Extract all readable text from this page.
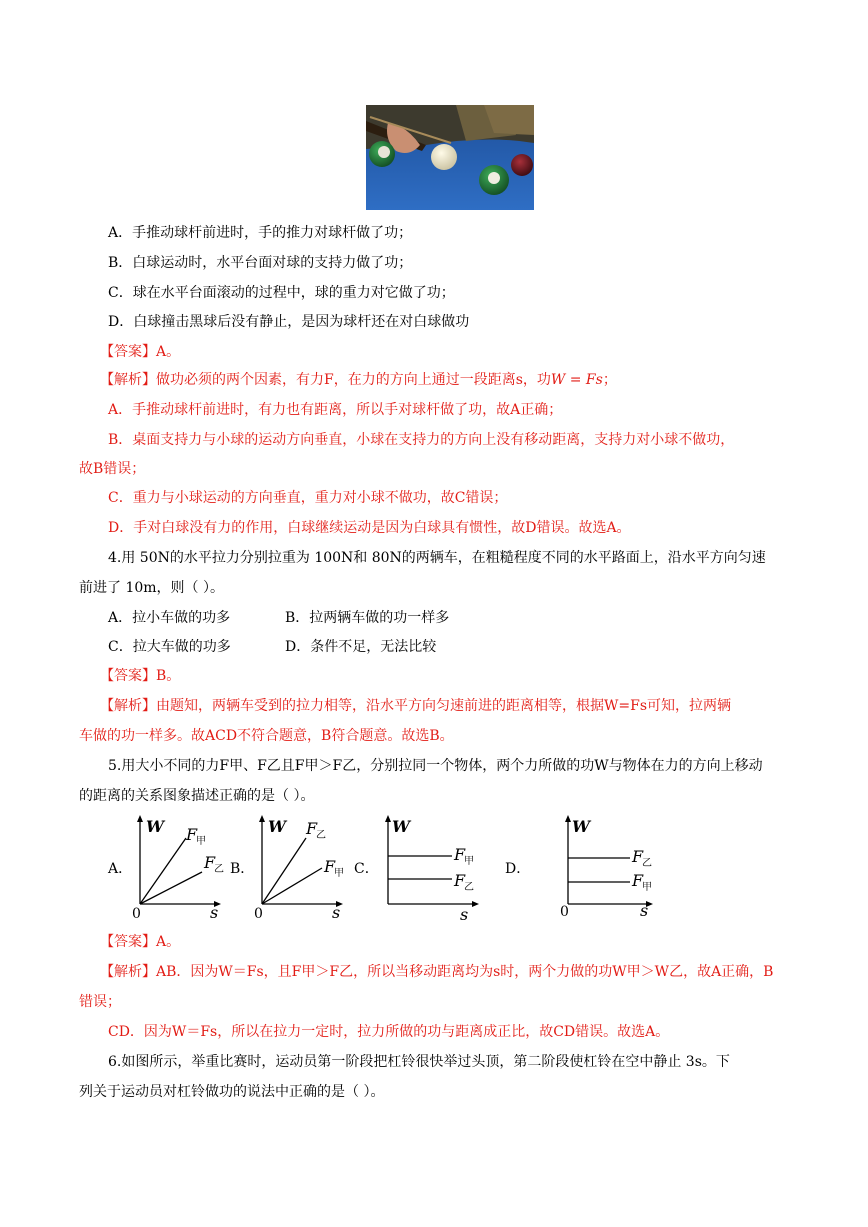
A．手推动球杆前进时，手的推力对球杆做了功；
B．白球运动时，水平台面对球的支持力做了功；
C．球在水平台面滚动的过程中，球的重力对它做了功；
D．白球撞击黑球后没有静止，是因为球杆还在对白球做功
【答案】A。
【解析】做功必须的两个因素，有力F，在力的方向上通过一段距离s，功W = Fs；
A．手推动球杆前进时，有力也有距离，所以手对球杆做了功，故A正确；
B．桌面支持力与小球的运动方向垂直，小球在支持力的方向上没有移动距离，支持力对小球不做功，
故B错误；
C．重力与小球运动的方向垂直，重力对小球不做功，故C错误；
D．手对白球没有力的作用，白球继续运动是因为白球具有惯性，故D错误。故选A。
4.用 50N的水平拉力分别拉重为 100N和 80N的两辆车，在粗糙程度不同的水平路面上，沿水平方向匀速
前进了 10m，则（ ）。
A．拉小车做的功多	B．拉两辆车做的功一样多
C．拉大车做的功多	D．条件不足，无法比较
【答案】B。
【解析】由题知，两辆车受到的拉力相等，沿水平方向匀速前进的距离相等，根据W=Fs可知，拉两辆
车做的功一样多。故ACD不符合题意，B符合题意。故选B。
5.用大小不同的力F甲、F乙且F甲＞F乙，分别拉同一个物体，两个力所做的功W与物体在力的方向上移动
的距离的关系图象描述正确的是（ ）。
A．	B．	C．	D．
W F
甲
F
乙
0	s
W F
乙
F
甲
0	s
W
F
甲
F
乙
s
W
F
乙
F
甲
0	s
【答案】A。
【解析】AB．因为W＝Fs，且F甲＞F乙，所以当移动距离均为s时，两个力做的功W甲＞W乙，故A正确，B
错误；
CD．因为W＝Fs，所以在拉力一定时，拉力所做的功与距离成正比，故CD错误。故选A。
6.如图所示，举重比赛时，运动员第一阶段把杠铃很快举过头顶，第二阶段使杠铃在空中静止 3s。下
列关于运动员对杠铃做功的说法中正确的是（ ）。
